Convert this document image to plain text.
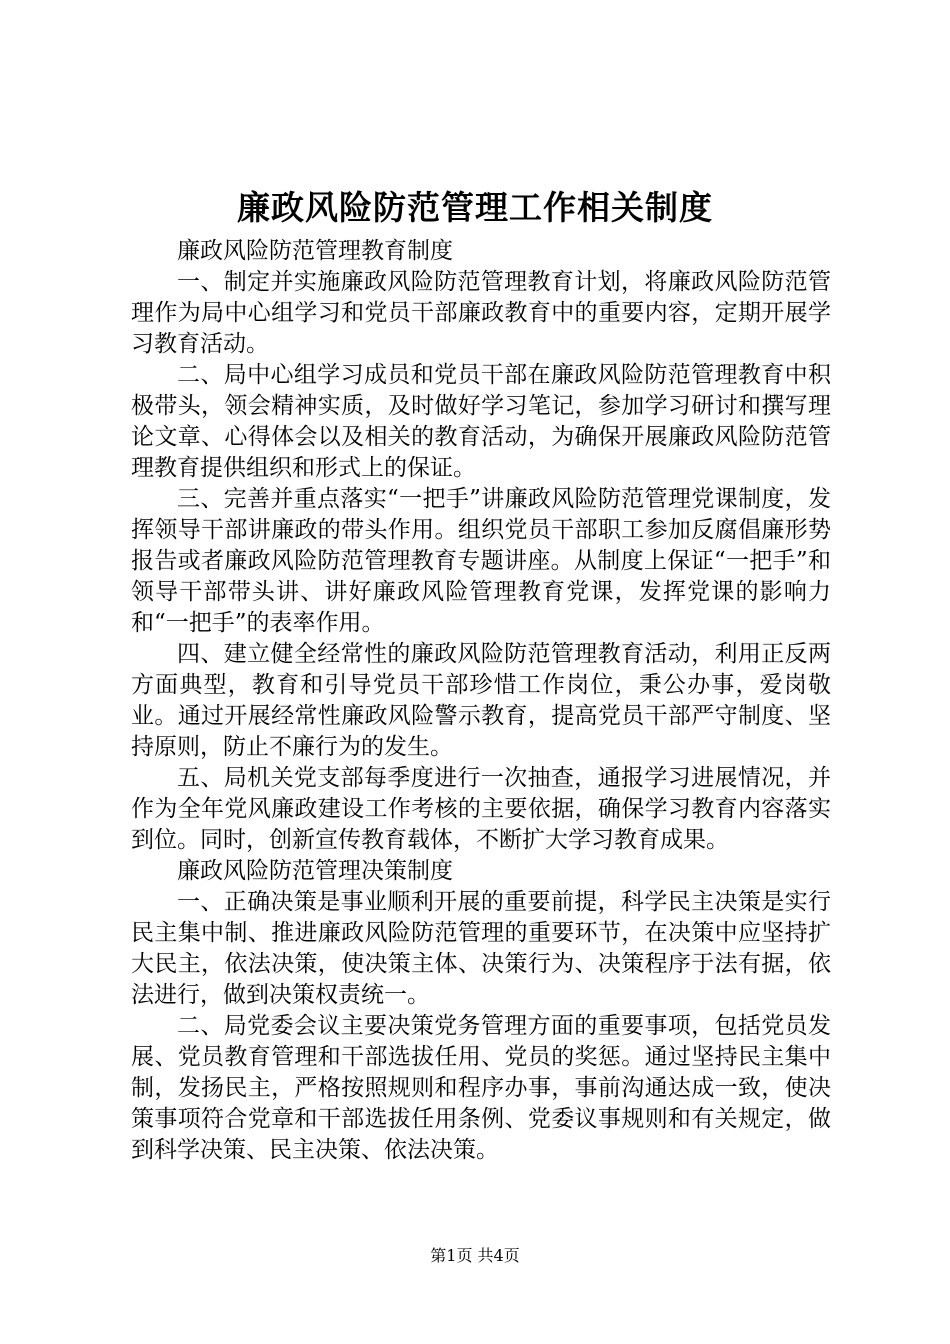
廉政风险防范管理工作相关制度

廉政风险防范管理教育制度

一、制定并实施廉政风险防范管理教育计划，将廉政风险防范管理作为局中心组学习和党员干部廉政教育中的重要内容，定期开展学习教育活动。

二、局中心组学习成员和党员干部在廉政风险防范管理教育中积极带头，领会精神实质，及时做好学习笔记，参加学习研讨和撰写理论文章、心得体会以及相关的教育活动，为确保开展廉政风险防范管理教育提供组织和形式上的保证。

三、完善并重点落实“一把手”讲廉政风险防范管理党课制度，发挥领导干部讲廉政的带头作用。组织党员干部职工参加反腐倡廉形势报告或者廉政风险防范管理教育专题讲座。从制度上保证“一把手”和领导干部带头讲、讲好廉政风险管理教育党课，发挥党课的影响力和“一把手”的表率作用。

四、建立健全经常性的廉政风险防范管理教育活动，利用正反两方面典型，教育和引导党员干部珍惜工作岗位，秉公办事，爱岗敬业。通过开展经常性廉政风险警示教育，提高党员干部严守制度、坚持原则，防止不廉行为的发生。

五、局机关党支部每季度进行一次抽查，通报学习进展情况，并作为全年党风廉政建设工作考核的主要依据，确保学习教育内容落实到位。同时，创新宣传教育载体，不断扩大学习教育成果。

廉政风险防范管理决策制度

一、正确决策是事业顺利开展的重要前提，科学民主决策是实行民主集中制、推进廉政风险防范管理的重要环节，在决策中应坚持扩大民主，依法决策，使决策主体、决策行为、决策程序于法有据，依法进行，做到决策权责统一。

二、局党委会议主要决策党务管理方面的重要事项，包括党员发展、党员教育管理和干部选拔任用、党员的奖惩。通过坚持民主集中制，发扬民主，严格按照规则和程序办事，事前沟通达成一致，使决策事项符合党章和干部选拔任用条例、党委议事规则和有关规定，做到科学决策、民主决策、依法决策。

第1页 共4页
